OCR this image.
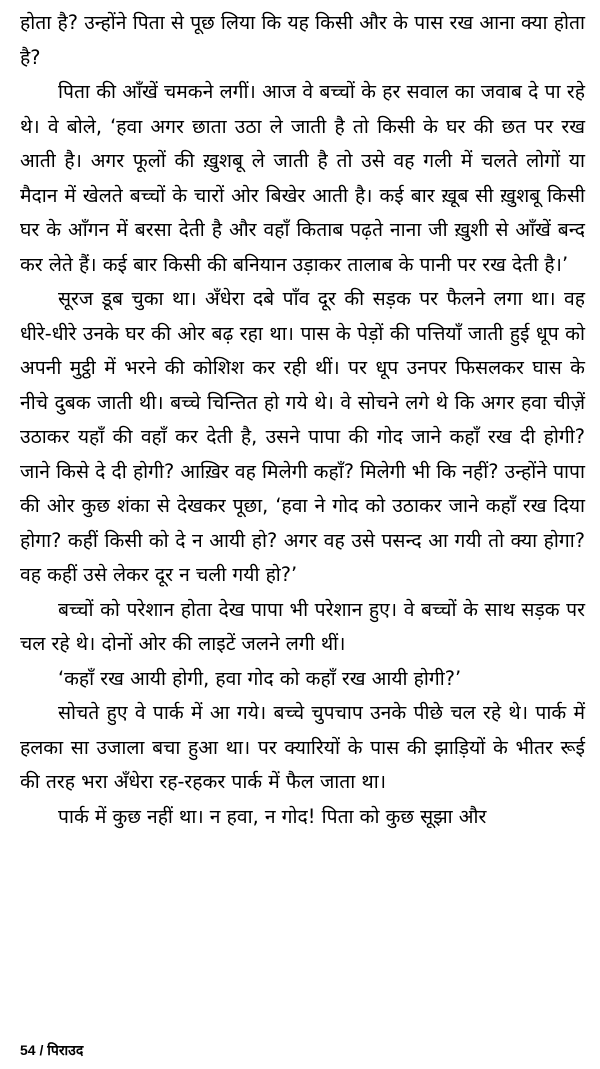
होता है? उन्होंने पिता से पूछ लिया कि यह किसी और के पास रख आना क्या होता है?

पिता की आँखें चमकने लगीं। आज वे बच्चों के हर सवाल का जवाब दे पा रहे थे। वे बोले, ‘हवा अगर छाता उठा ले जाती है तो किसी के घर की छत पर रख आती है। अगर फूलों की ख़ुशबू ले जाती है तो उसे वह गली में चलते लोगों या मैदान में खेलते बच्चों के चारों ओर बिखेर आती है। कई बार ख़ूब सी ख़ुशबू किसी घर के आँगन में बरसा देती है और वहाँ किताब पढ़ते नाना जी ख़ुशी से आँखें बन्द कर लेते हैं। कई बार किसी की बनियान उड़ाकर तालाब के पानी पर रख देती है।’

सूरज डूब चुका था। अँधेरा दबे पाँव दूर की सड़क पर फैलने लगा था। वह धीरे-धीरे उनके घर की ओर बढ़ रहा था। पास के पेड़ों की पत्तियाँ जाती हुई धूप को अपनी मुट्ठी में भरने की कोशिश कर रही थीं। पर धूप उनपर फिसलकर घास के नीचे दुबक जाती थी। बच्चे चिन्तित हो गये थे। वे सोचने लगे थे कि अगर हवा चीज़ें उठाकर यहाँ की वहाँ कर देती है, उसने पापा की गोद जाने कहाँ रख दी होगी? जाने किसे दे दी होगी? आख़िर वह मिलेगी कहाँ? मिलेगी भी कि नहीं? उन्होंने पापा की ओर कुछ शंका से देखकर पूछा, ‘हवा ने गोद को उठाकर जाने कहाँ रख दिया होगा? कहीं किसी को दे न आयी हो? अगर वह उसे पसन्द आ गयी तो क्या होगा? वह कहीं उसे लेकर दूर न चली गयी हो?’

बच्चों को परेशान होता देख पापा भी परेशान हुए। वे बच्चों के साथ सड़क पर चल रहे थे। दोनों ओर की लाइटें जलने लगी थीं।

‘कहाँ रख आयी होगी, हवा गोद को कहाँ रख आयी होगी?’

सोचते हुए वे पार्क में आ गये। बच्चे चुपचाप उनके पीछे चल रहे थे। पार्क में हलका सा उजाला बचा हुआ था। पर क्यारियों के पास की झाड़ियों के भीतर रूई की तरह भरा अँधेरा रह-रहकर पार्क में फैल जाता था।

पार्क में कुछ नहीं था। न हवा, न गोद! पिता को कुछ सूझा और

54 / पिराउद
